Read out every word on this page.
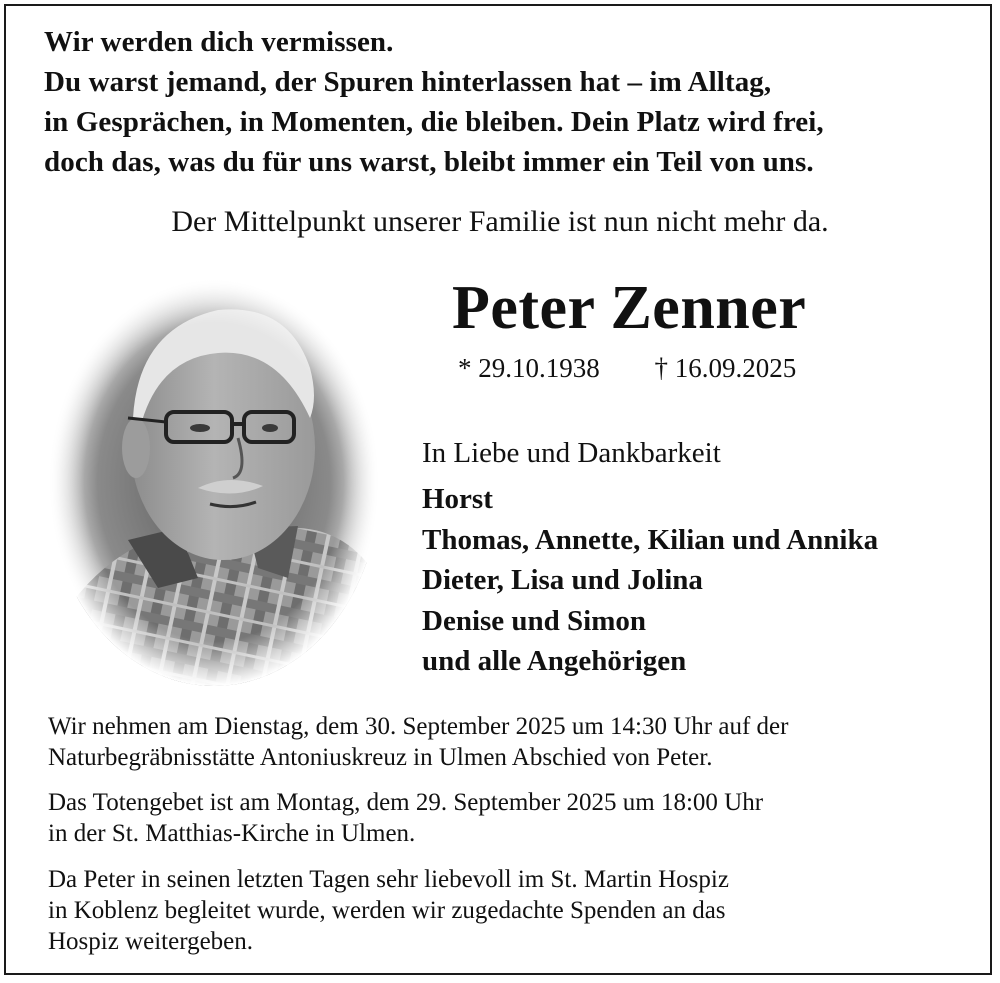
Wir werden dich vermissen.
Du warst jemand, der Spuren hinterlassen hat – im Alltag,
in Gesprächen, in Momenten, die bleiben. Dein Platz wird frei,
doch das, was du für uns warst, bleibt immer ein Teil von uns.
Der Mittelpunkt unserer Familie ist nun nicht mehr da.
Peter Zenner
* 29.10.1938 † 16.09.2025
In Liebe und Dankbarkeit
Horst
Thomas, Annette, Kilian und Annika
Dieter, Lisa und Jolina
Denise und Simon
und alle Angehörigen
Wir nehmen am Dienstag, dem 30. September 2025 um 14:30 Uhr auf der
Naturbegräbnisstätte Antoniuskreuz in Ulmen Abschied von Peter.
Das Totengebet ist am Montag, dem 29. September 2025 um 18:00 Uhr
in der St. Matthias-Kirche in Ulmen.
Da Peter in seinen letzten Tagen sehr liebevoll im St. Martin Hospiz
in Koblenz begleitet wurde, werden wir zugedachte Spenden an das
Hospiz weitergeben.
